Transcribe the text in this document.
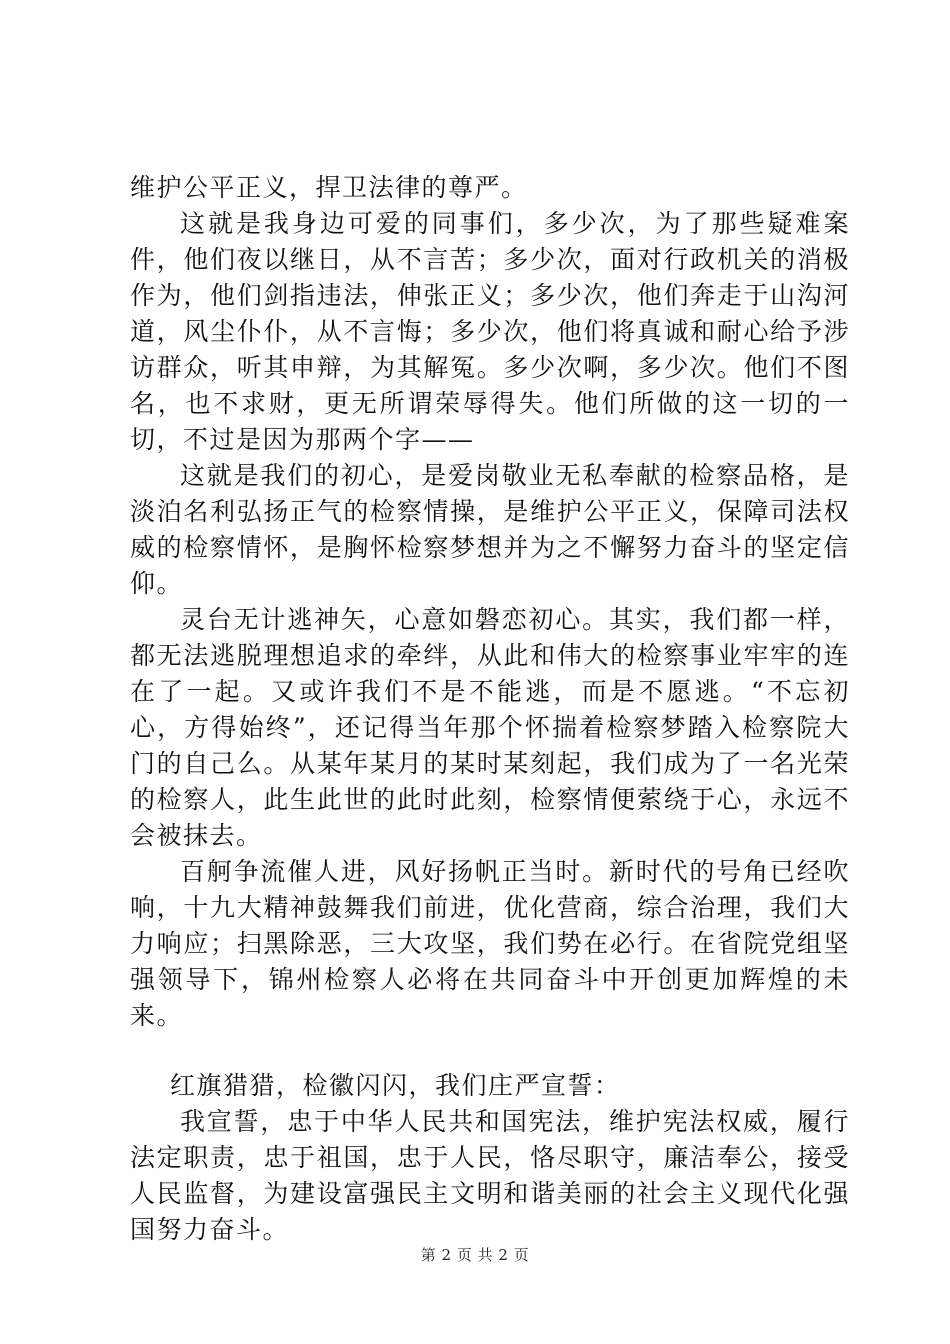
维护公平正义，捍卫法律的尊严。

这就是我身边可爱的同事们，多少次，为了那些疑难案件，他们夜以继日，从不言苦；多少次，面对行政机关的消极作为，他们剑指违法，伸张正义；多少次，他们奔走于山沟河道，风尘仆仆，从不言悔；多少次，他们将真诚和耐心给予涉访群众，听其申辩，为其解冤。多少次啊，多少次。他们不图名，也不求财，更无所谓荣辱得失。他们所做的这一切的一切，不过是因为那两个字——

这就是我们的初心，是爱岗敬业无私奉献的检察品格，是淡泊名利弘扬正气的检察情操，是维护公平正义，保障司法权威的检察情怀，是胸怀检察梦想并为之不懈努力奋斗的坚定信仰。

灵台无计逃神矢，心意如磐恋初心。其实，我们都一样，都无法逃脱理想追求的牵绊，从此和伟大的检察事业牢牢的连在了一起。又或许我们不是不能逃，而是不愿逃。“不忘初心，方得始终”，还记得当年那个怀揣着检察梦踏入检察院大门的自己么。从某年某月的某时某刻起，我们成为了一名光荣的检察人，此生此世的此时此刻，检察情便萦绕于心，永远不会被抹去。

百舸争流催人进，风好扬帆正当时。新时代的号角已经吹响，十九大精神鼓舞我们前进，优化营商，综合治理，我们大力响应；扫黑除恶，三大攻坚，我们势在必行。在省院党组坚强领导下，锦州检察人必将在共同奋斗中开创更加辉煌的未来。

红旗猎猎，检徽闪闪，我们庄严宣誓：

我宣誓，忠于中华人民共和国宪法，维护宪法权威，履行法定职责，忠于祖国，忠于人民，恪尽职守，廉洁奉公，接受人民监督，为建设富强民主文明和谐美丽的社会主义现代化强国努力奋斗。

第 2 页 共 2 页
